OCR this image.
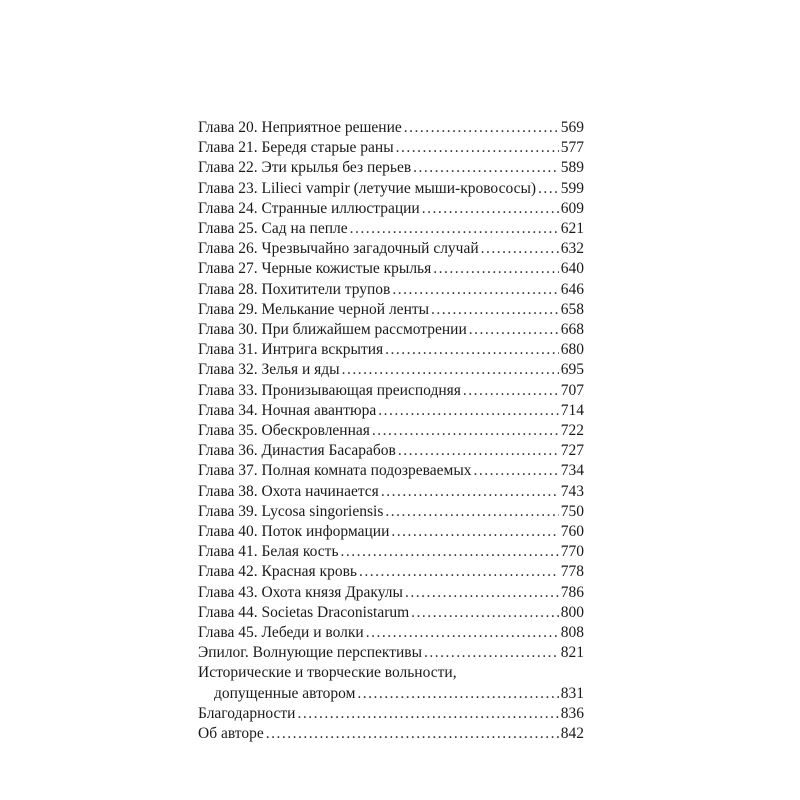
Глава 20. Неприятное решение .....	569
Глава 21. Бередя старые раны .....	577
Глава 22. Эти крылья без перьев .....	589
Глава 23. Lilieci vampir (летучие мыши-кровососы) ..... 599
Глава 24. Странные иллюстрации .....	609
Глава 25. Сад на пепле .....	621
Глава 26. Чрезвычайно загадочный случай .....	632
Глава 27. Черные кожистые крылья .....	640
Глава 28. Похитители трупов .....	646
Глава 29. Мелькание черной ленты .....	658
Глава 30. При ближайшем рассмотрении .....	668
Глава 31. Интрига вскрытия .....	680
Глава 32. Зелья и яды .....	695
Глава 33. Пронизывающая преисподняя .....	707
Глава 34. Ночная авантюра .....	714
Глава 35. Обескровленная .....	722
Глава 36. Династия Басарабов .....	727
Глава 37. Полная комната подозреваемых .....	734
Глава 38. Охота начинается .....	743
Глава 39. Lycosa singoriensis .....	750
Глава 40. Поток информации .....	760
Глава 41. Белая кость .....	770
Глава 42. Красная кровь .....	778
Глава 43. Охота князя Дракулы .....	786
Глава 44. Societas Draconistarum .....	800
Глава 45. Лебеди и волки .....	808
Эпилог. Волнующие перспективы .....	821
Исторические и творческие вольности,
допущенные автором .....	831
Благодарности .....	836
Об авторе .....	842
